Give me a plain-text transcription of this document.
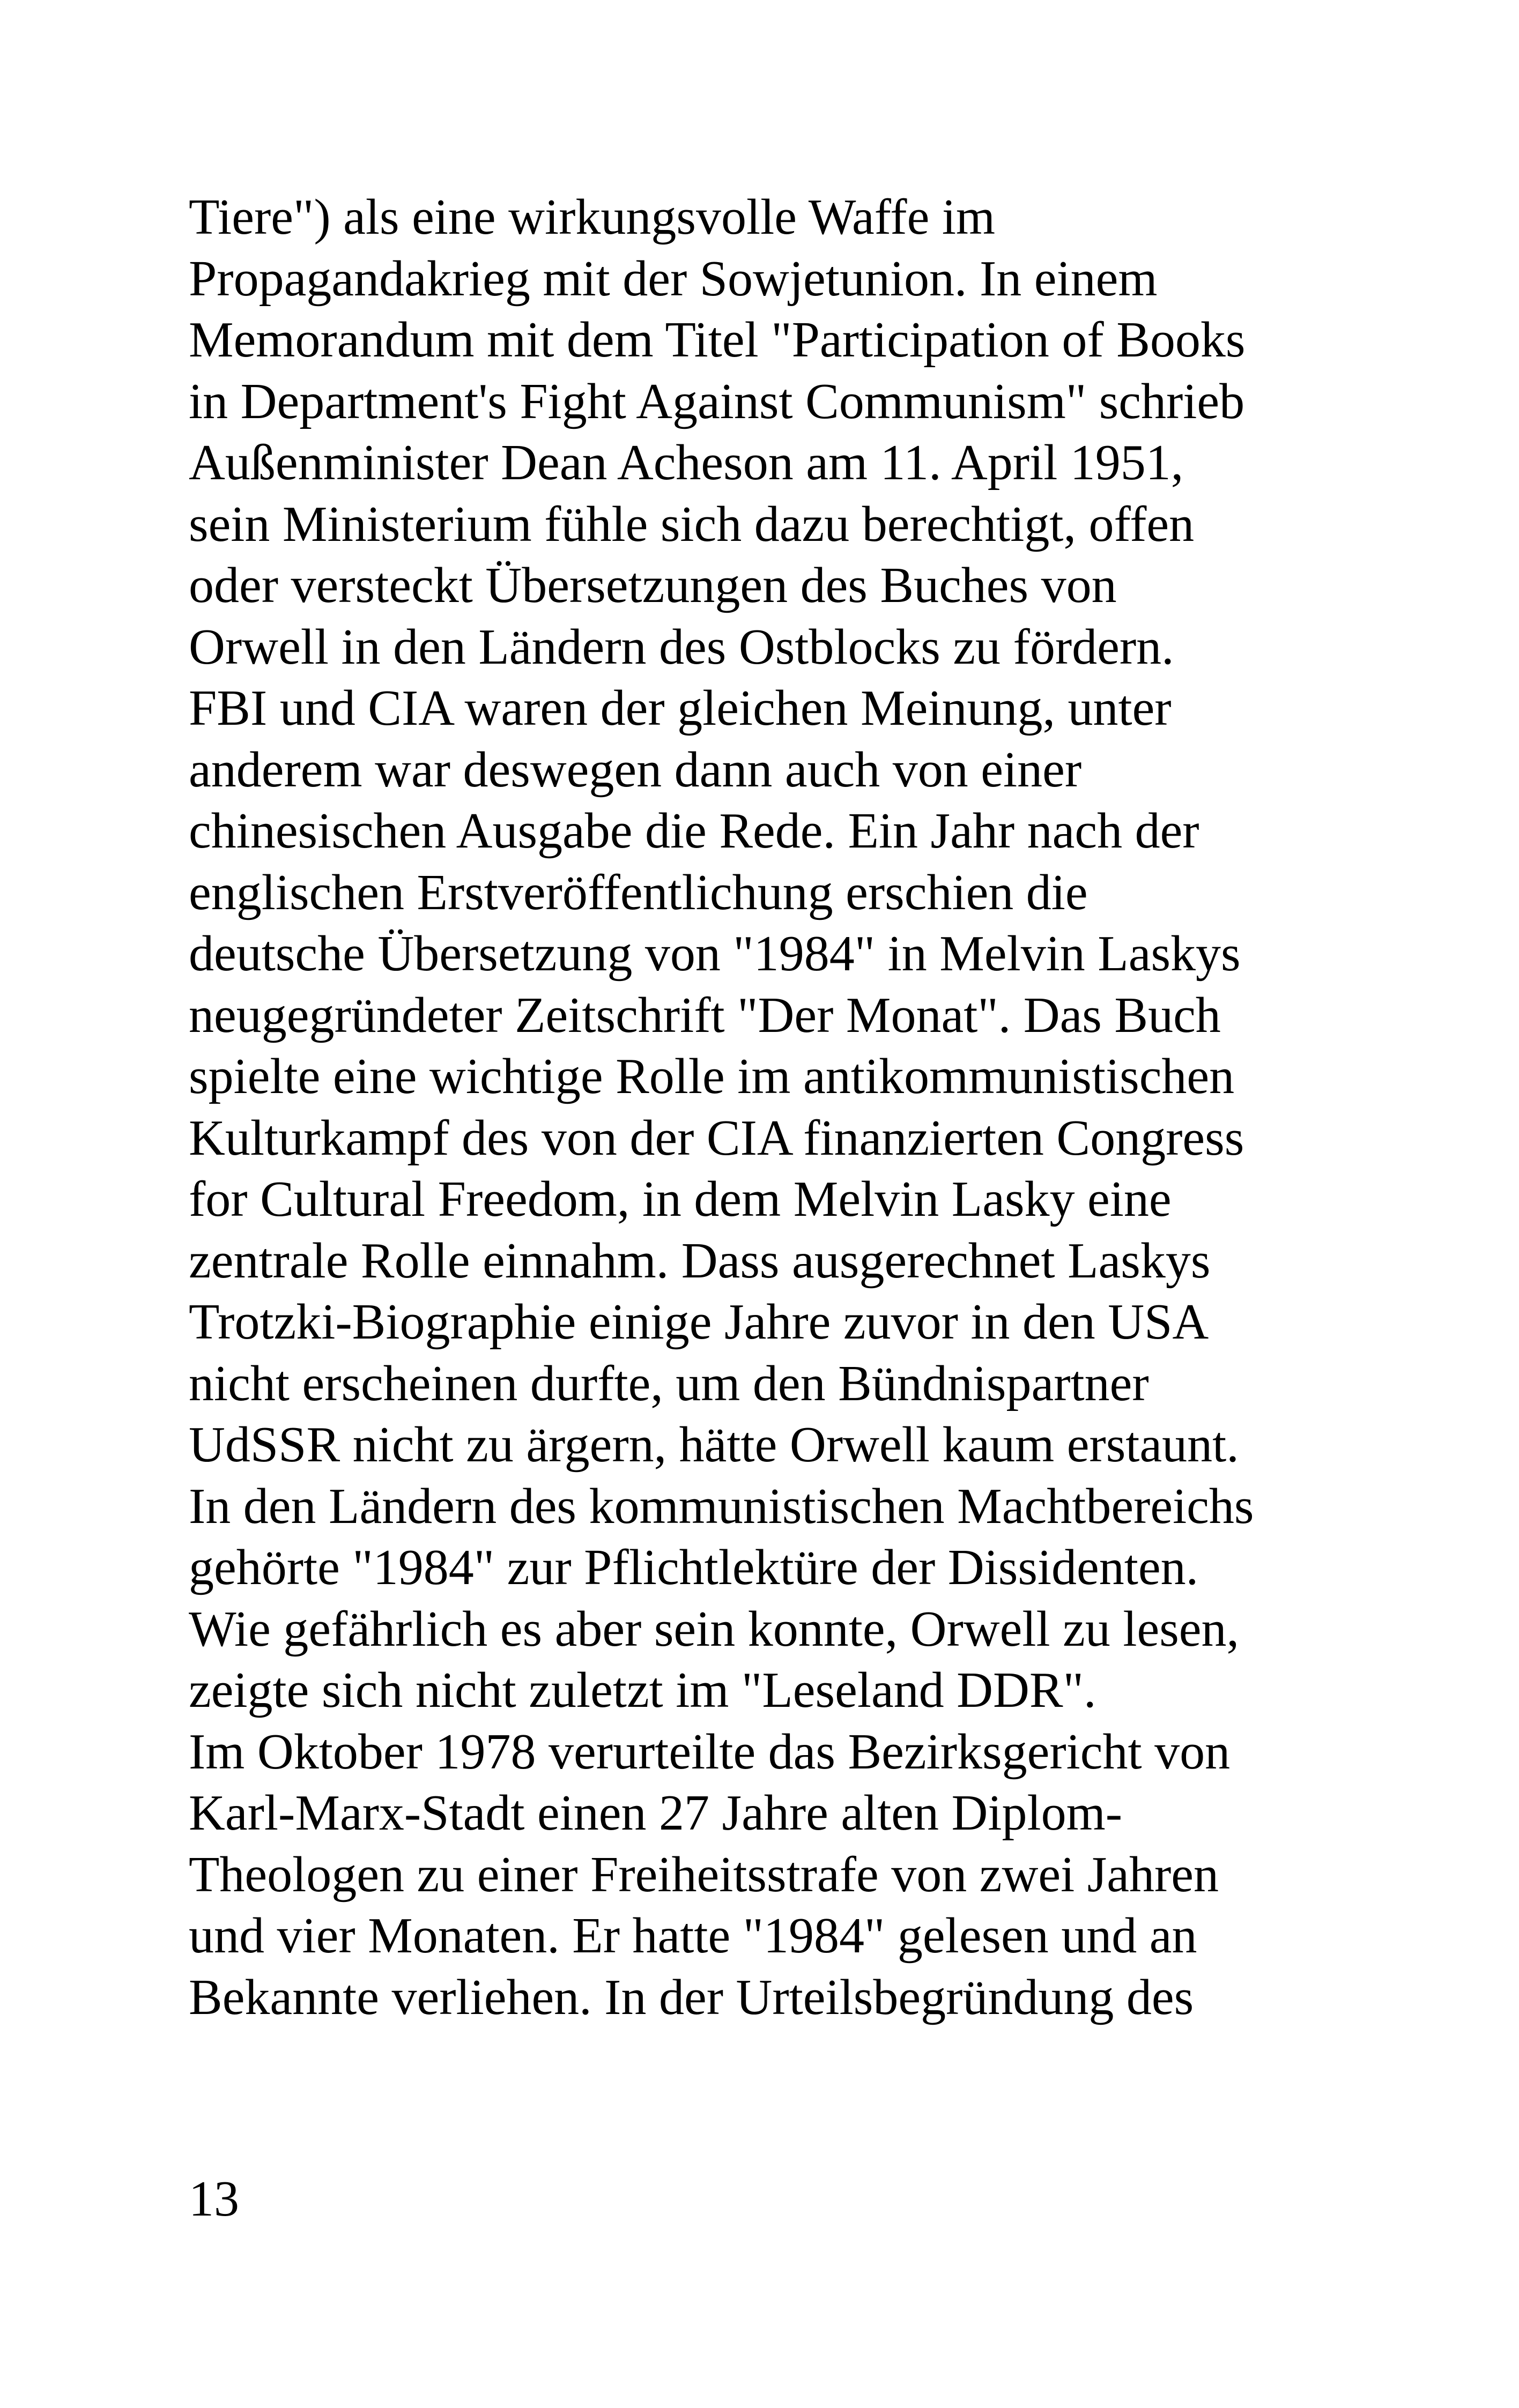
Tiere") als eine wirkungsvolle Waffe im
Propagandakrieg mit der Sowjetunion. In einem
Memorandum mit dem Titel "Participation of Books
in Department's Fight Against Communism" schrieb
Außenminister Dean Acheson am 11. April 1951,
sein Ministerium fühle sich dazu berechtigt, offen
oder versteckt Übersetzungen des Buches von
Orwell in den Ländern des Ostblocks zu fördern.
FBI und CIA waren der gleichen Meinung, unter
anderem war deswegen dann auch von einer
chinesischen Ausgabe die Rede. Ein Jahr nach der
englischen Erstveröffentlichung erschien die
deutsche Übersetzung von "1984" in Melvin Laskys
neugegründeter Zeitschrift "Der Monat". Das Buch
spielte eine wichtige Rolle im antikommunistischen
Kulturkampf des von der CIA finanzierten Congress
for Cultural Freedom, in dem Melvin Lasky eine
zentrale Rolle einnahm. Dass ausgerechnet Laskys
Trotzki-Biographie einige Jahre zuvor in den USA
nicht erscheinen durfte, um den Bündnispartner
UdSSR nicht zu ärgern, hätte Orwell kaum erstaunt.
In den Ländern des kommunistischen Machtbereichs
gehörte "1984" zur Pflichtlektüre der Dissidenten.
Wie gefährlich es aber sein konnte, Orwell zu lesen,
zeigte sich nicht zuletzt im "Leseland DDR".
Im Oktober 1978 verurteilte das Bezirksgericht von
Karl-Marx-Stadt einen 27 Jahre alten Diplom-
Theologen zu einer Freiheitsstrafe von zwei Jahren
und vier Monaten. Er hatte "1984" gelesen und an
Bekannte verliehen. In der Urteilsbegründung des
13
